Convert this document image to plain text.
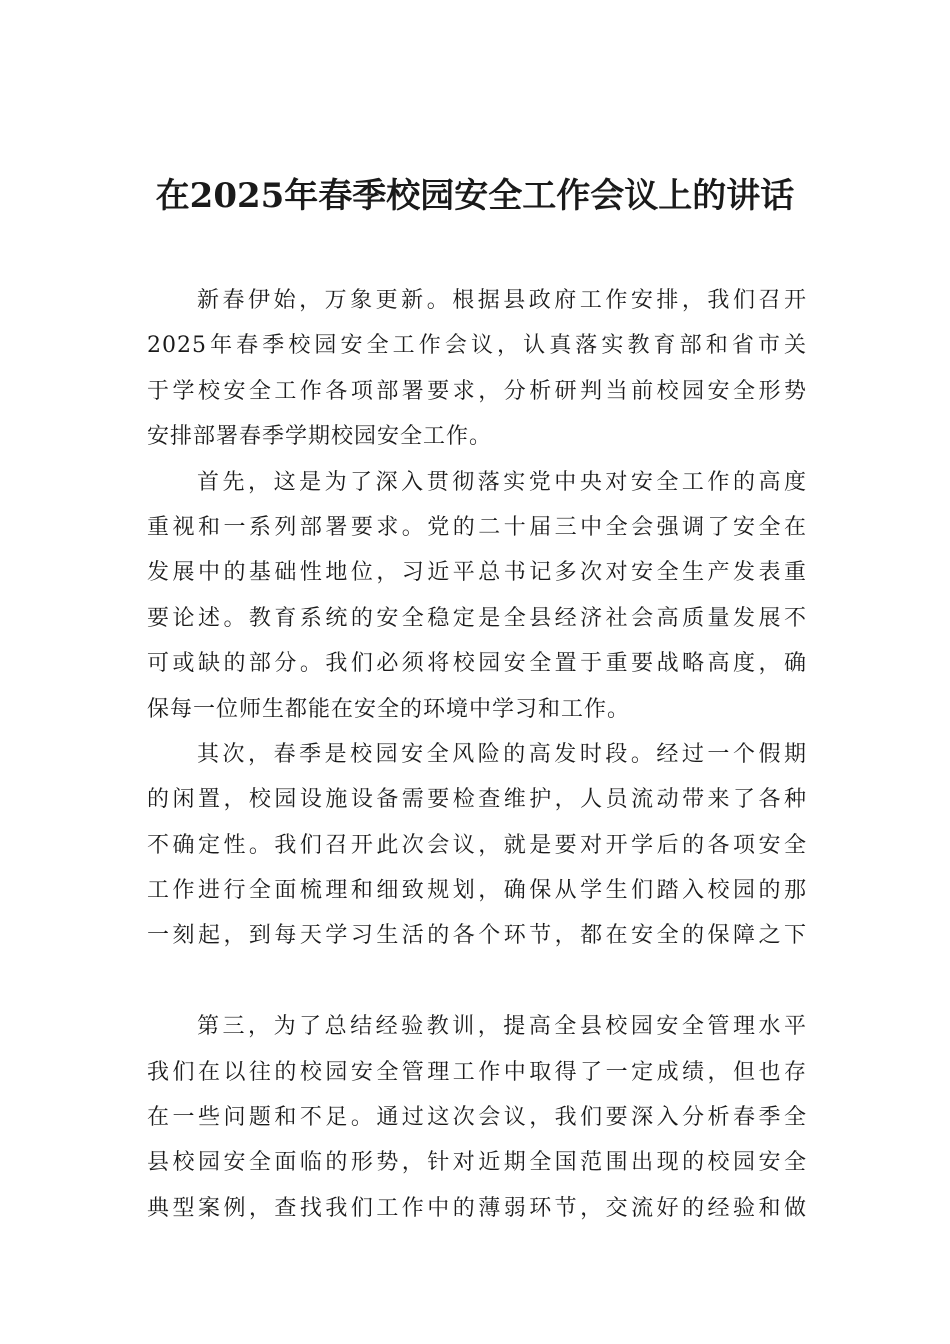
在2025年春季校园安全工作会议上的讲话
新春伊始，万象更新。根据县政府工作安排，我们召开
2025年春季校园安全工作会议，认真落实教育部和省市关
于学校安全工作各项部署要求，分析研判当前校园安全形势
安排部署春季学期校园安全工作。
首先，这是为了深入贯彻落实党中央对安全工作的高度
重视和一系列部署要求。党的二十届三中全会强调了安全在
发展中的基础性地位，习近平总书记多次对安全生产发表重
要论述。教育系统的安全稳定是全县经济社会高质量发展不
可或缺的部分。我们必须将校园安全置于重要战略高度，确
保每一位师生都能在安全的环境中学习和工作。
其次，春季是校园安全风险的高发时段。经过一个假期
的闲置，校园设施设备需要检查维护，人员流动带来了各种
不确定性。我们召开此次会议，就是要对开学后的各项安全
工作进行全面梳理和细致规划，确保从学生们踏入校园的那
一刻起，到每天学习生活的各个环节，都在安全的保障之下
第三，为了总结经验教训，提高全县校园安全管理水平
我们在以往的校园安全管理工作中取得了一定成绩，但也存
在一些问题和不足。通过这次会议，我们要深入分析春季全
县校园安全面临的形势，针对近期全国范围出现的校园安全
典型案例，查找我们工作中的薄弱环节，交流好的经验和做
